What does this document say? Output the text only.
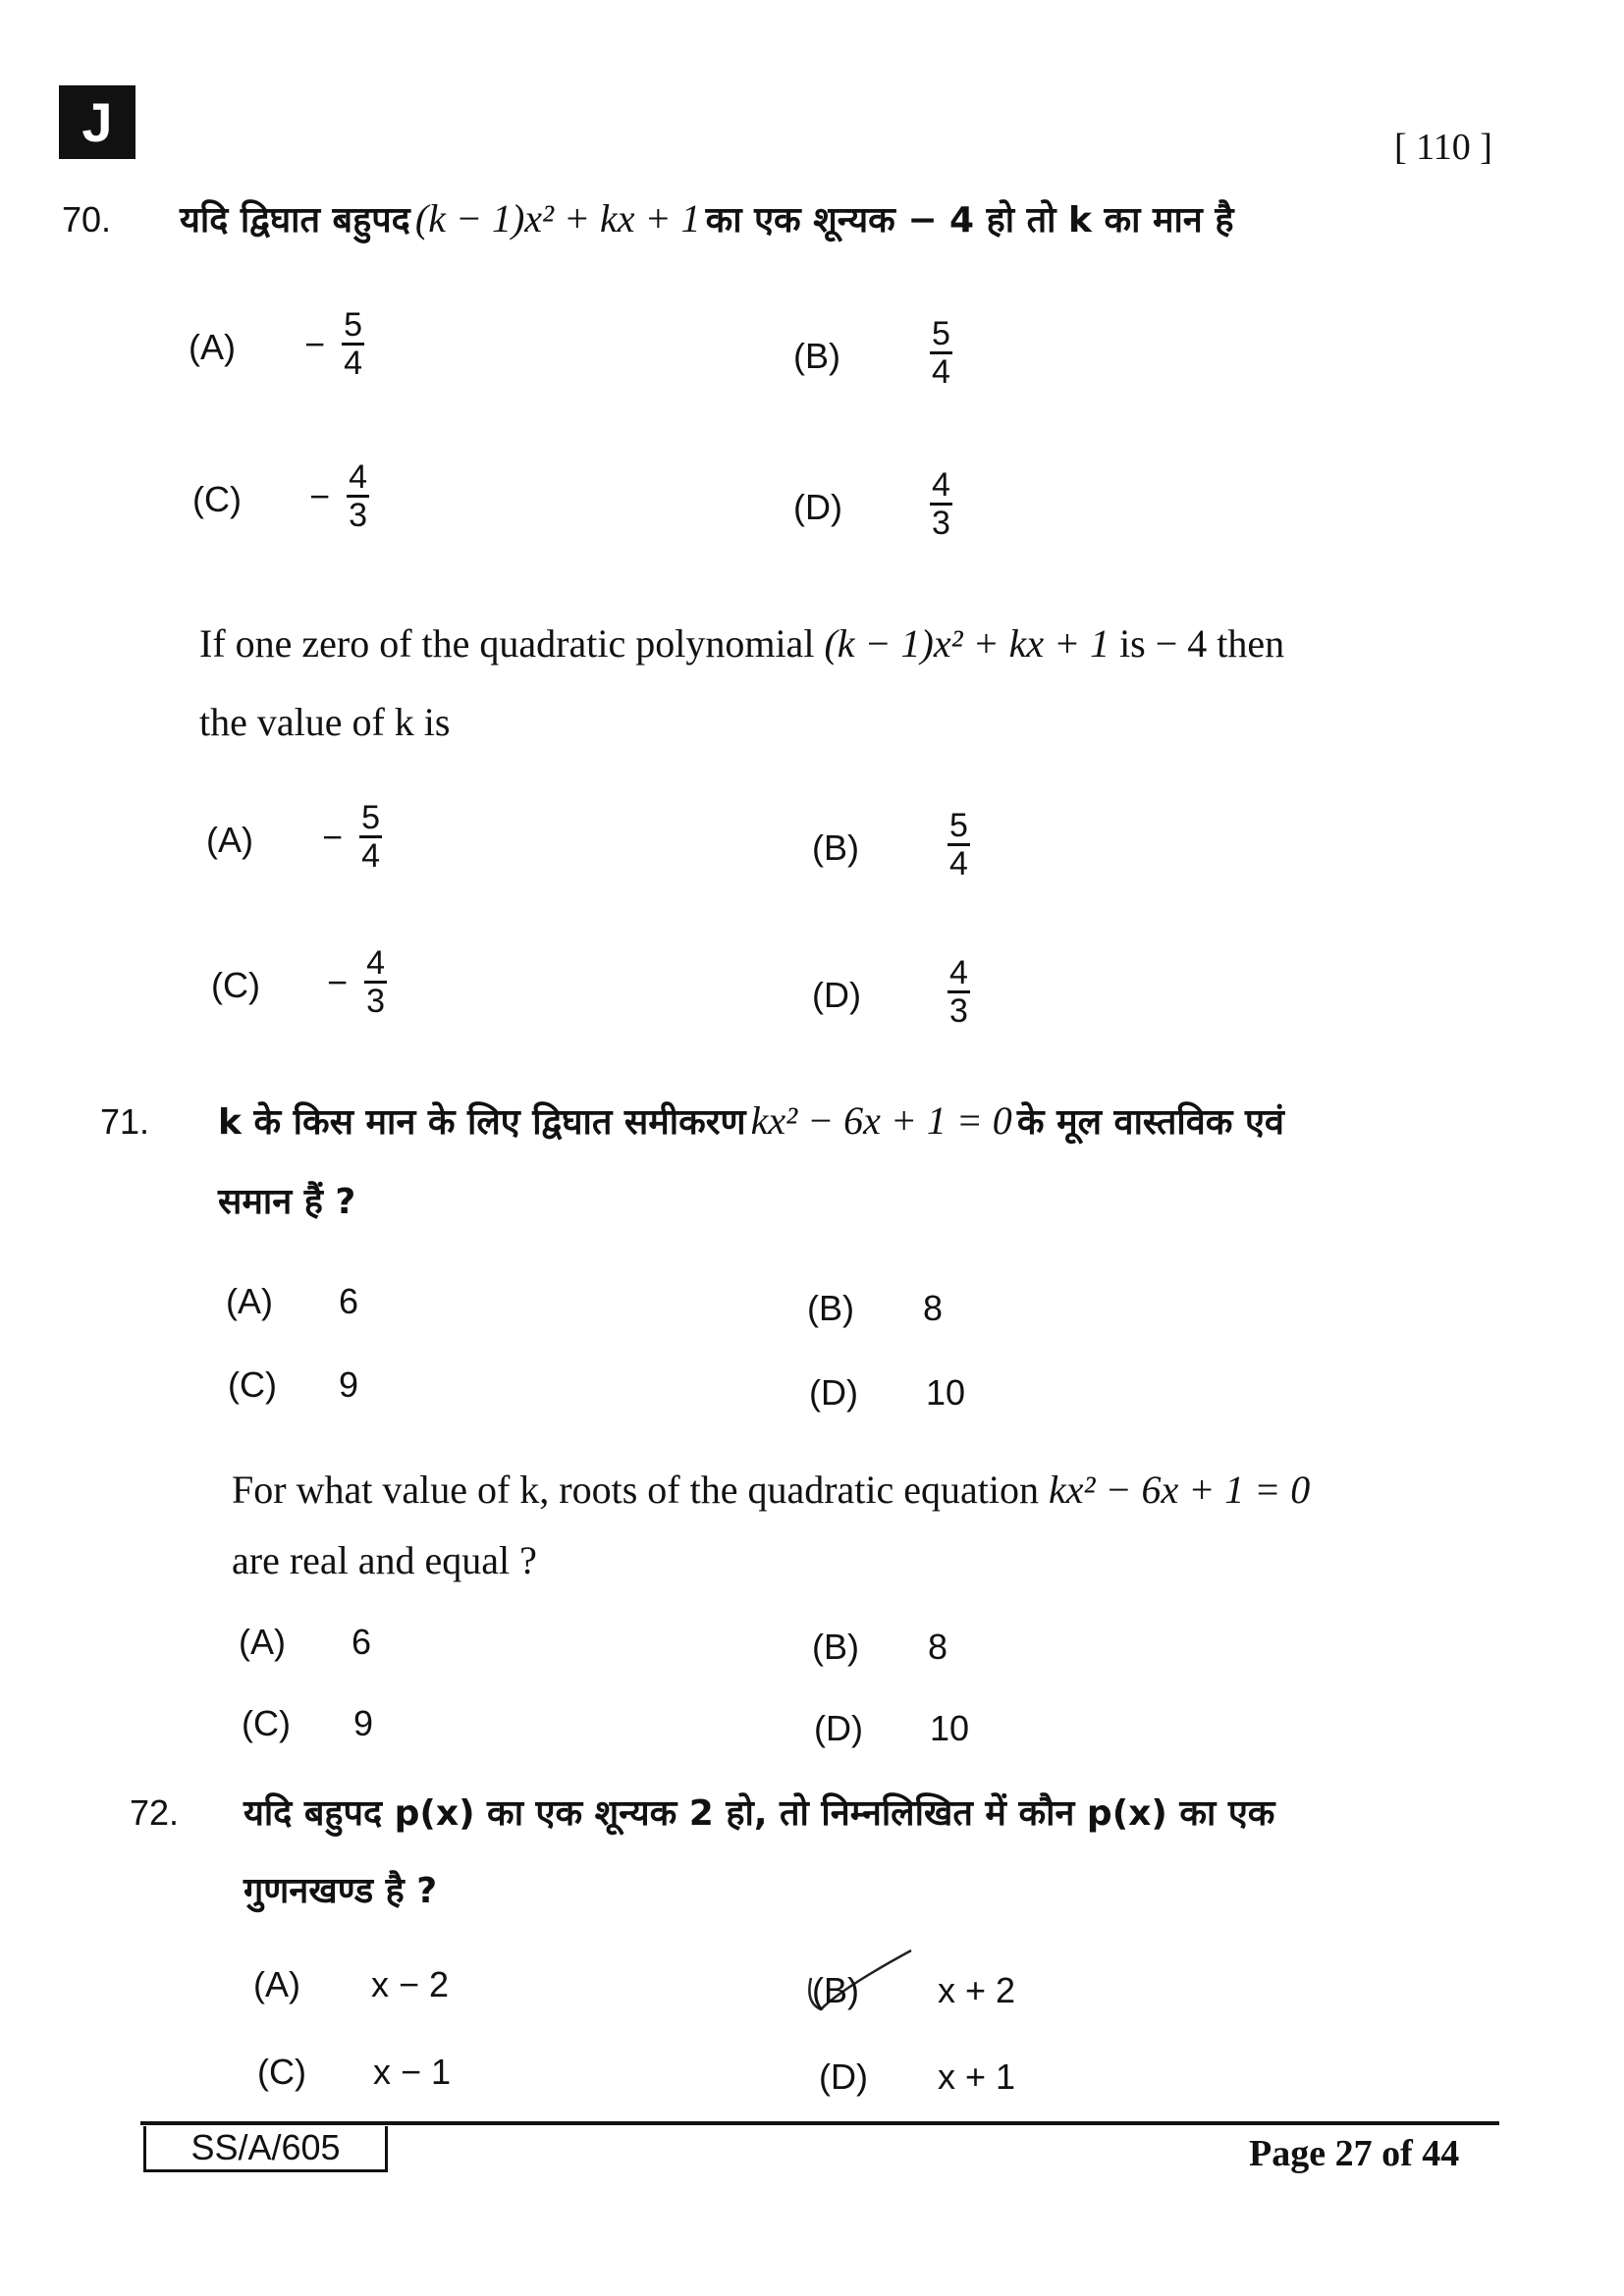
J	[ 110 ]
70. यदि द्विघात बहुपद (k − 1)x² + kx + 1 का एक शून्यक − 4 हो तो k का मान है
If one zero of the quadratic polynomial (k − 1)x² + kx + 1 is − 4 then
the value of k is
71. k के किस मान के लिए द्विघात समीकरण kx² − 6x + 1 = 0 के मूल वास्तविक एवं
समान हैं ?
For what value of k, roots of the quadratic equation kx² − 6x + 1 = 0
are real and equal ?
72. यदि बहुपद p(x) का एक शून्यक 2 हो, तो निम्नलिखित में कौन p(x) का एक
गुणनखण्ड है ?
SS/A/605	Page 27 of 44
$(A) - \frac{5}{4}$	(B)	$\frac{5}{4}$
$(C) - \frac{4}{3}$	(D)	$\frac{4}{3}$
$(A) - \frac{5}{4}$	(B)	$\frac{5}{4}$
$(C) - \frac{4}{3}$	(D)	$\frac{4}{3}$
(A) 6	(B) 8
(C) 9	(D) 10
(A) 6	(B) 8
(C) 9	(D) 10
(A) x − 2	(B) x + 2
(C) x − 1	(D) x + 1
